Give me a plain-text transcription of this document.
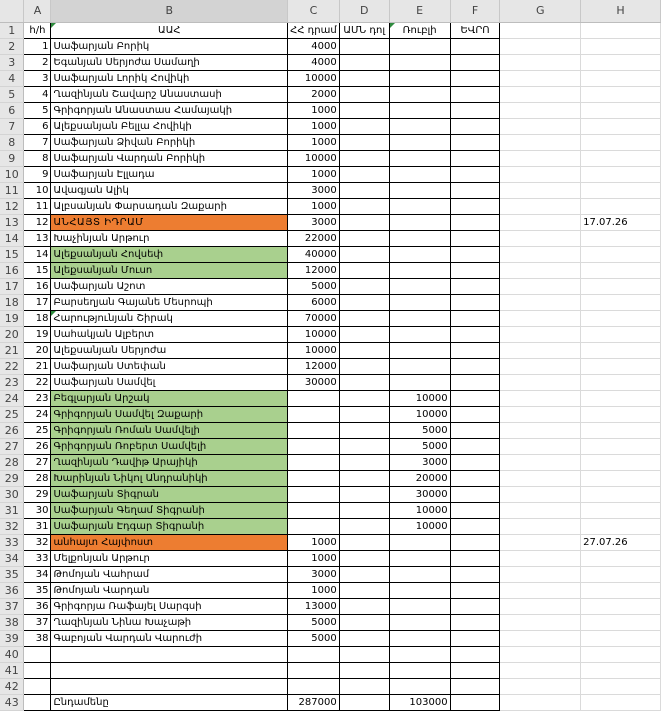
	A	B	C	D	E	F	G	H
1	h/h	ԱԱՀ	ՀՀ դրամ	ԱՄՆ դոլ	Ռուբլի	ԵՎՐՈ		
2	1	Սաֆարյան Բորիկ	4000					
3	2	Եգանյան Սերյոժա Սամաղի	4000					
4	3	Սաֆարյան Լորիկ Հովիկի	10000					
5	4	Ղազինյան Շավարշ Անաստասի	2000					
6	5	Գրիգորյան Անաստաս Համայակի	1000					
7	6	Ալեքսանյան Բելլա Հովիկի	1000					
8	7	Սաֆարյան Ձիվան Բորիկի	1000					
9	8	Սաֆարյան Վարդան Բորիկի	10000					
10	9	Սաֆարյան Էլլադա	1000					
11	10	Ավագյան Ալիկ	3000					
12	11	Ալբսանյան Փարսադան Զաքարի	1000					
13	12	ԱՆՀԱՅՏ ԻԴՐԱՄ	3000					17.07.26
14	13	Խաչինյան Արթուր	22000					
15	14	Ալեքսանյան Հովսեփ	40000					
16	15	Ալեքսանյան Մուսո	12000					
17	16	Սաֆարյան Աշոտ	5000					
18	17	Բարսեղյան Գայանե Մեսրոպի	6000					
19	18	Հարությունյան Շիրակ	70000					
20	19	Սահակյան Ալբերտ	10000					
21	20	Ալեքսանյան Սերյոժա	10000					
22	21	Սաֆարյան Ստեփան	12000					
23	22	Սաֆարյան Սամվել	30000					
24	23	Բեգլարյան Արշակ			10000			
25	24	Գրիգորյան Սամվել Զաքարի			10000			
26	25	Գրիգորյան Ռոման Սամվելի			5000			
27	26	Գրիգորյան Ռոբերտ Սամվելի			5000			
28	27	Ղազինյան Դավիթ Արայիկի			3000			
29	28	Խարինյան Նիկոլ Անդրանիկի			20000			
30	29	Սաֆարյան Տիգրան			30000			
31	30	Սաֆարյան Գեղամ Տիգրանի			10000			
32	31	Սաֆարյան Էդգար Տիգրանի			10000			
33	32	անհայտ Հայփոստ	1000					27.07.26
34	33	Մելքոնյան Արթուր	1000					
35	34	Թոմոյան Վահրամ	3000					
36	35	Թոմոյան Վարդան	1000					
37	36	Գրիգորյա Ռաֆայել Սարգսի	13000					
38	37	Ղազինյան Նինա Խաչաթի	5000					
39	38	Գաբոյան Վարդան Վարուժի	5000					
40								
41								
42								
43		Ընդամենը	287000		103000			
